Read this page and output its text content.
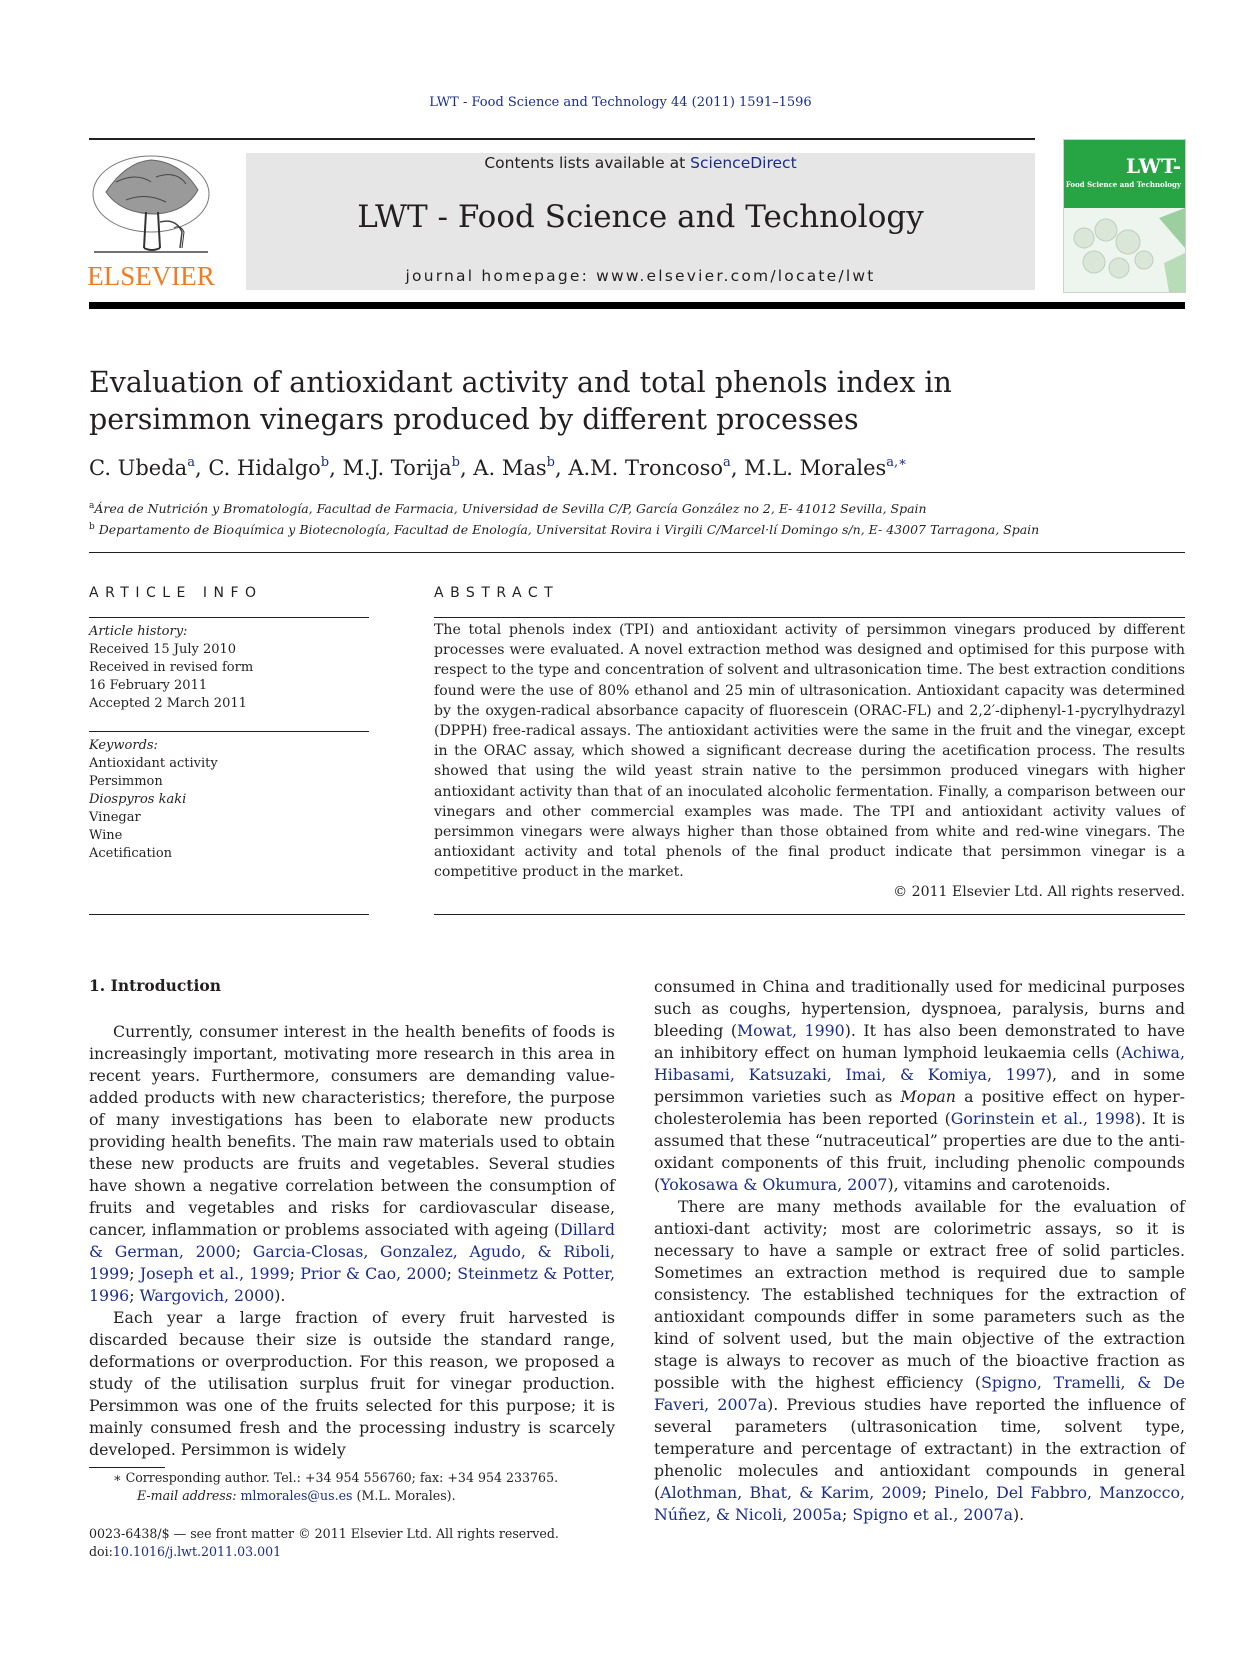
LWT - Food Science and Technology 44 (2011) 1591–1596
ELSEVIER
Contents lists available at ScienceDirect
LWT - Food Science and Technology
journal homepage: www.elsevier.com/locate/lwt
LWT-
Food Science and Technology
Evaluation of antioxidant activity and total phenols index in persimmon vinegars produced by different processes
C. Ubeda$^a$, C. Hidalgo$^b$, M.J. Torija$^b$, A. Mas$^b$, A.M. Troncoso$^a$, M.L. Morales$^{a,∗}$
$^a$Área de Nutrición y Bromatología, Facultad de Farmacia, Universidad de Sevilla C/P, García González no 2, E- 41012 Sevilla, Spain
$^b$ Departamento de Bioquímica y Biotecnología, Facultad de Enología, Universitat Rovira i Virgili C/Marcel·lí Domingo s/n, E- 43007 Tarragona, Spain
ARTICLE INFO
Article history:
Received 15 July 2010
Received in revised form
16 February 2011
Accepted 2 March 2011
Keywords:
Antioxidant activity
Persimmon
Diospyros kaki
Vinegar
Wine
Acetification
ABSTRACT

The total phenols index (TPI) and antioxidant activity of persimmon vinegars produced by different processes were evaluated. A novel extraction method was designed and optimised for this purpose with respect to the type and concentration of solvent and ultrasonication time. The best extraction conditions found were the use of 80% ethanol and 25 min of ultrasonication. Antioxidant capacity was determined by the oxygen-radical absorbance capacity of fluorescein (ORAC-FL) and 2,2′-diphenyl-1-pycrylhydrazyl (DPPH) free-radical assays. The antioxidant activities were the same in the fruit and the vinegar, except in the ORAC assay, which showed a significant decrease during the acetification process. The results showed that using the wild yeast strain native to the persimmon produced vinegars with higher antioxidant activity than that of an inoculated alcoholic fermentation. Finally, a comparison between our vinegars and other commercial examples was made. The TPI and antioxidant activity values of persimmon vinegars were always higher than those obtained from white and red-wine vinegars. The antioxidant activity and total phenols of the final product indicate that persimmon vinegar is a competitive product in the market.

© 2011 Elsevier Ltd. All rights reserved.
1. Introduction

Currently, consumer interest in the health benefits of foods is increasingly important, motivating more research in this area in recent years. Furthermore, consumers are demanding value-added products with new characteristics; therefore, the purpose of many investigations has been to elaborate new products providing health benefits. The main raw materials used to obtain these new products are fruits and vegetables. Several studies have shown a negative correlation between the consumption of fruits and vegetables and risks for cardiovascular disease, cancer, inflammation or problems associated with ageing (Dillard & German, 2000; Garcia-Closas, Gonzalez, Agudo, & Riboli, 1999; Joseph et al., 1999; Prior & Cao, 2000; Steinmetz & Potter, 1996; Wargovich, 2000).

Each year a large fraction of every fruit harvested is discarded because their size is outside the standard range, deformations or overproduction. For this reason, we proposed a study of the utilisation surplus fruit for vinegar production. Persimmon was one of the fruits selected for this purpose; it is mainly consumed fresh and the processing industry is scarcely developed. Persimmon is widely

consumed in China and traditionally used for medicinal purposes such as coughs, hypertension, dyspnoea, paralysis, burns and bleeding (Mowat, 1990). It has also been demonstrated to have an inhibitory effect on human lymphoid leukaemia cells (Achiwa, Hibasami, Katsuzaki, Imai, & Komiya, 1997), and in some persimmon varieties such as Mopan a positive effect on hyper-cholesterolemia has been reported (Gorinstein et al., 1998). It is assumed that these “nutraceutical” properties are due to the anti-oxidant components of this fruit, including phenolic compounds (Yokosawa & Okumura, 2007), vitamins and carotenoids.

There are many methods available for the evaluation of antioxi-dant activity; most are colorimetric assays, so it is necessary to have a sample or extract free of solid particles. Sometimes an extraction method is required due to sample consistency. The established techniques for the extraction of antioxidant compounds differ in some parameters such as the kind of solvent used, but the main objective of the extraction stage is always to recover as much of the bioactive fraction as possible with the highest efficiency (Spigno, Tramelli, & De Faveri, 2007a). Previous studies have reported the influence of several parameters (ultrasonication time, solvent type, temperature and percentage of extractant) in the extraction of phenolic molecules and antioxidant compounds in general (Alothman, Bhat, & Karim, 2009; Pinelo, Del Fabbro, Manzocco, Núñez, & Nicoli, 2005a; Spigno et al., 2007a).

∗ Corresponding author. Tel.: +34 954 556760; fax: +34 954 233765.
E-mail address: mlmorales@us.es (M.L. Morales).
0023-6438/$ — see front matter © 2011 Elsevier Ltd. All rights reserved.
doi:10.1016/j.lwt.2011.03.001
